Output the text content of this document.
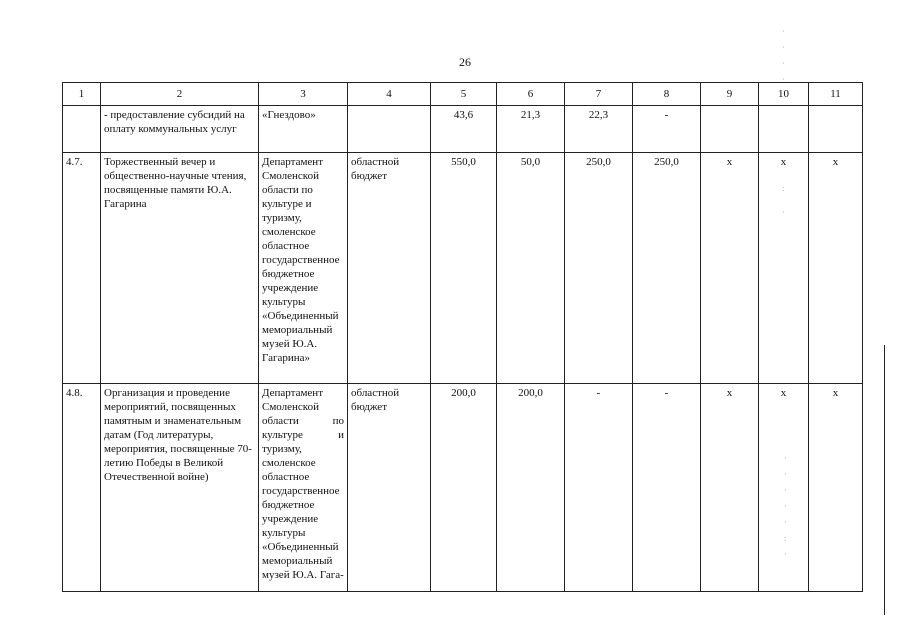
26
1	2	3	4	5	6	7	8	9	10	11
	- предоставление субсидий на оплату коммунальных услуг	«Гнездово»		43,6	21,3	22,3	-			
4.7.	Торжественный вечер и общественно-научные чтения, посвященные памяти Ю.А. Гагарина	Департамент Смоленской области по культуре и туризму, смоленское областное государственное бюджетное учреждение культуры «Объединенный мемориальный музей Ю.А. Гагарина»	областной бюджет	550,0	50,0	250,0	250,0	x	x	x
4.8.	Организация и проведение мероприятий, посвященных памятным и знаменательным датам (Год литературы, мероприятия, посвященные 70-летию Победы в Великой Отечественной войне)	Департамент Смоленской области по культуре и туризму, смоленское областное государственное бюджетное учреждение культуры «Объединенный мемориальный музей Ю.А. Гага-	областной бюджет	200,0	200,0	-	-	x	x	x
·

·

·

·
:

·
·

·

·

·

·

:

·
